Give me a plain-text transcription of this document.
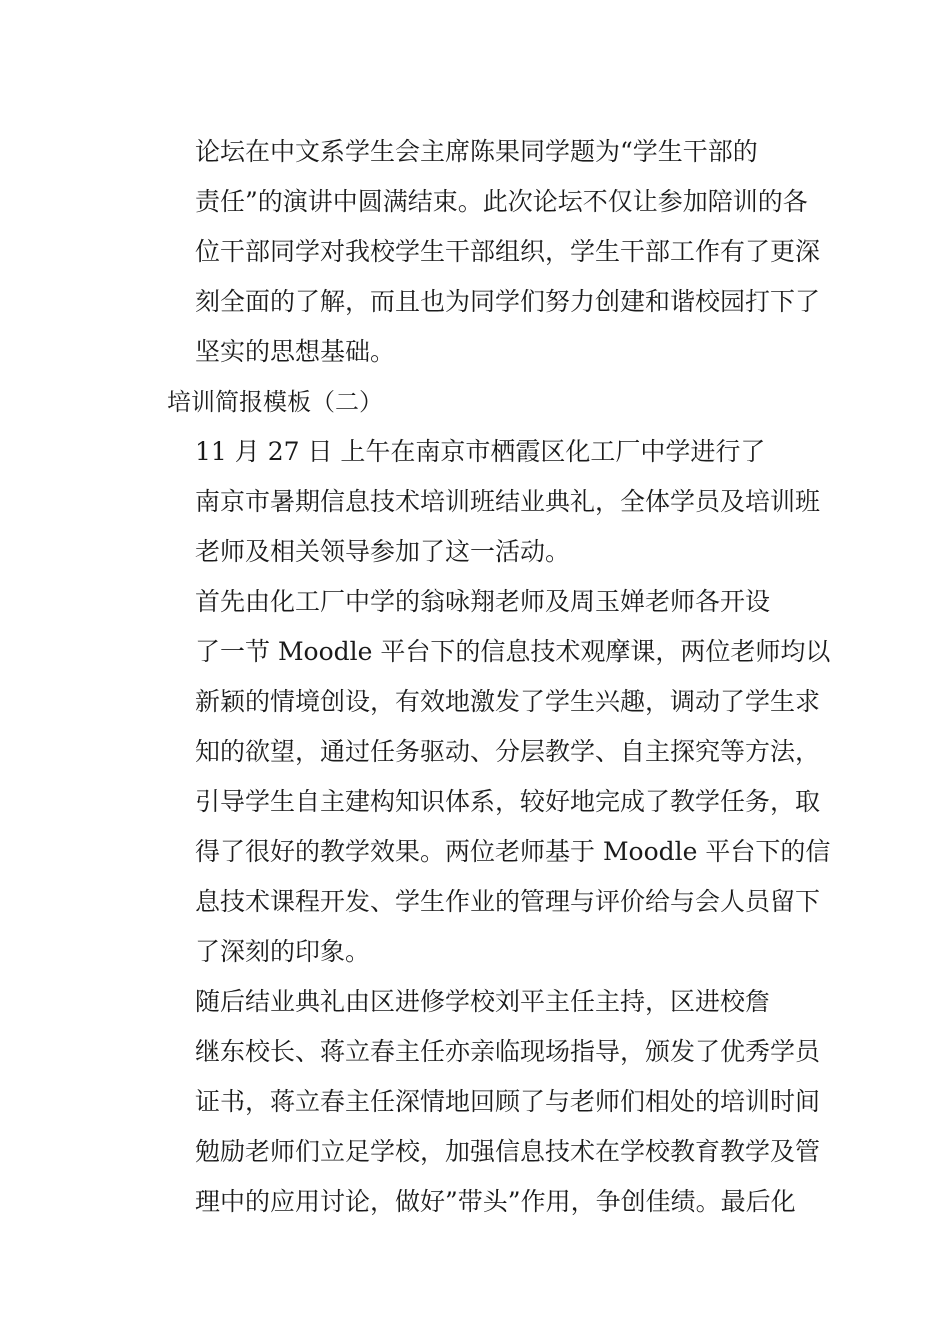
论坛在中文系学生会主席陈果同学题为“学生干部的
责任”的演讲中圆满结束。此次论坛不仅让参加陪训的各
位干部同学对我校学生干部组织，学生干部工作有了更深
刻全面的了解，而且也为同学们努力创建和谐校园打下了
坚实的思想基础。

培训简报模板（二）

11 月 27 日 上午在南京市栖霞区化工厂中学进行了
南京市暑期信息技术培训班结业典礼，全体学员及培训班
老师及相关领导参加了这一活动。

首先由化工厂中学的翁咏翔老师及周玉婵老师各开设
了一节 Moodle 平台下的信息技术观摩课，两位老师均以
新颖的情境创设，有效地激发了学生兴趣，调动了学生求
知的欲望，通过任务驱动、分层教学、自主探究等方法，
引导学生自主建构知识体系，较好地完成了教学任务，取
得了很好的教学效果。两位老师基于 Moodle 平台下的信
息技术课程开发、学生作业的管理与评价给与会人员留下
了深刻的印象。

随后结业典礼由区进修学校刘平主任主持，区进校詹
继东校长、蒋立春主任亦亲临现场指导，颁发了优秀学员
证书，蒋立春主任深情地回顾了与老师们相处的培训时间
勉励老师们立足学校，加强信息技术在学校教育教学及管
理中的应用讨论，做好”带头”作用，争创佳绩。最后化
